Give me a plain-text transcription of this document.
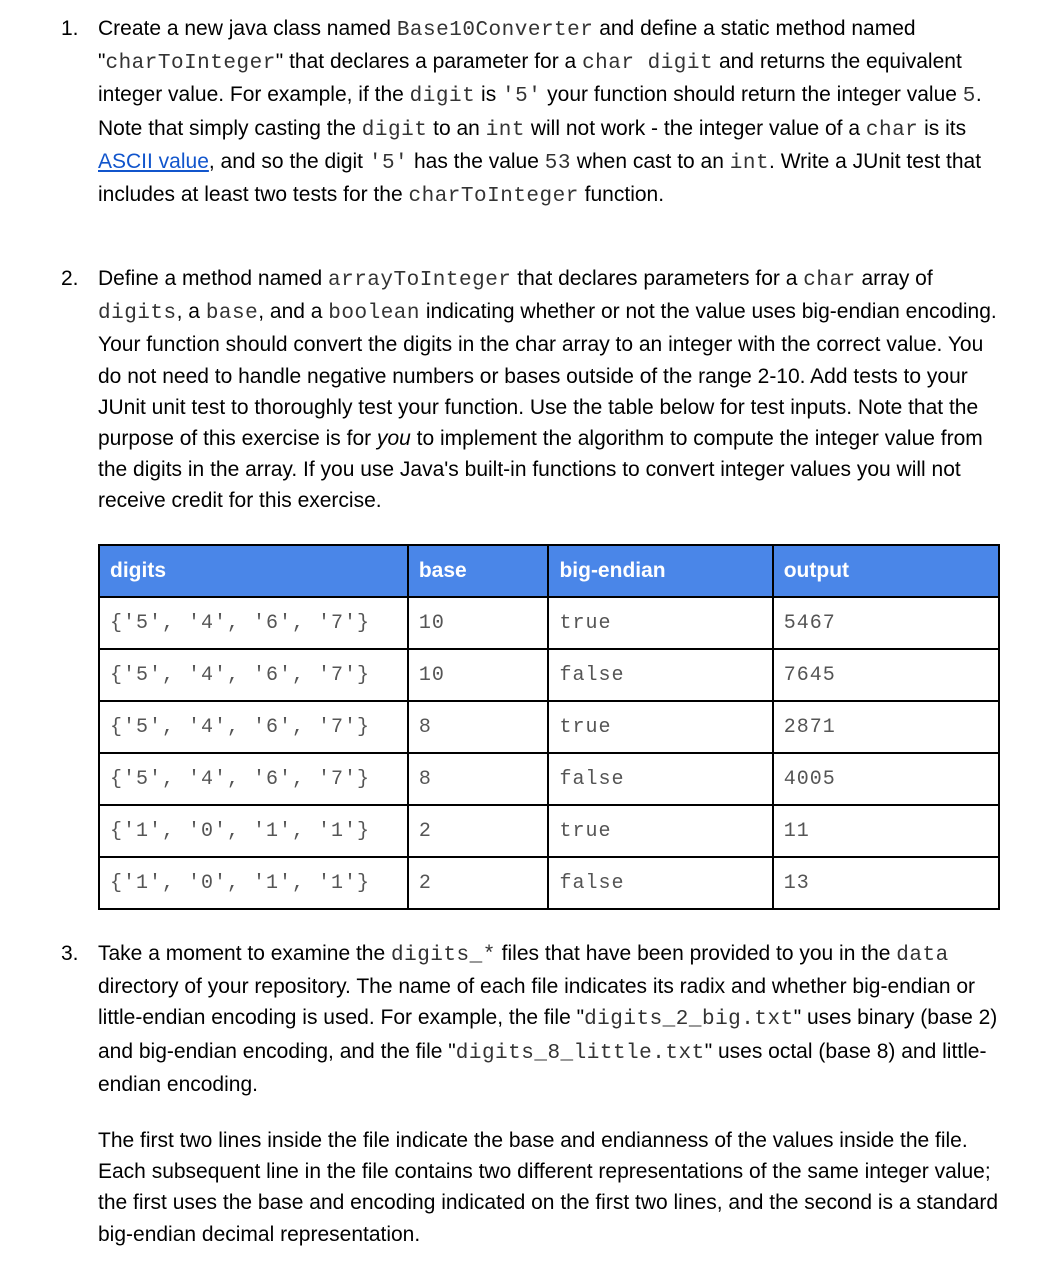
1. Create a new java class named Base10Converter and define a static method named "charToInteger" that declares a parameter for a char digit and returns the equivalent integer value. For example, if the digit is '5' your function should return the integer value 5. Note that simply casting the digit to an int will not work - the integer value of a char is its ASCII value, and so the digit '5' has the value 53 when cast to an int. Write a JUnit test that includes at least two tests for the charToInteger function.
2. Define a method named arrayToInteger that declares parameters for a char array of digits, a base, and a boolean indicating whether or not the value uses big-endian encoding. Your function should convert the digits in the char array to an integer with the correct value. You do not need to handle negative numbers or bases outside of the range 2-10. Add tests to your JUnit unit test to thoroughly test your function. Use the table below for test inputs. Note that the purpose of this exercise is for you to implement the algorithm to compute the integer value from the digits in the array. If you use Java's built-in functions to convert integer values you will not receive credit for this exercise.
digits	base	big-endian	output
{'5', '4', '6', '7'}	10	true	5467
{'5', '4', '6', '7'}	10	false	7645
{'5', '4', '6', '7'}	8	true	2871
{'5', '4', '6', '7'}	8	false	4005
{'1', '0', '1', '1'}	2	true	11
{'1', '0', '1', '1'}	2	false	13
3. Take a moment to examine the digits_* files that have been provided to you in the data directory of your repository. The name of each file indicates its radix and whether big-endian or little-endian encoding is used. For example, the file "digits_2_big.txt" uses binary (base 2) and big-endian encoding, and the file "digits_8_little.txt" uses octal (base 8) and little-endian encoding.
The first two lines inside the file indicate the base and endianness of the values inside the file. Each subsequent line in the file contains two different representations of the same integer value; the first uses the base and encoding indicated on the first two lines, and the second is a standard big-endian decimal representation.
